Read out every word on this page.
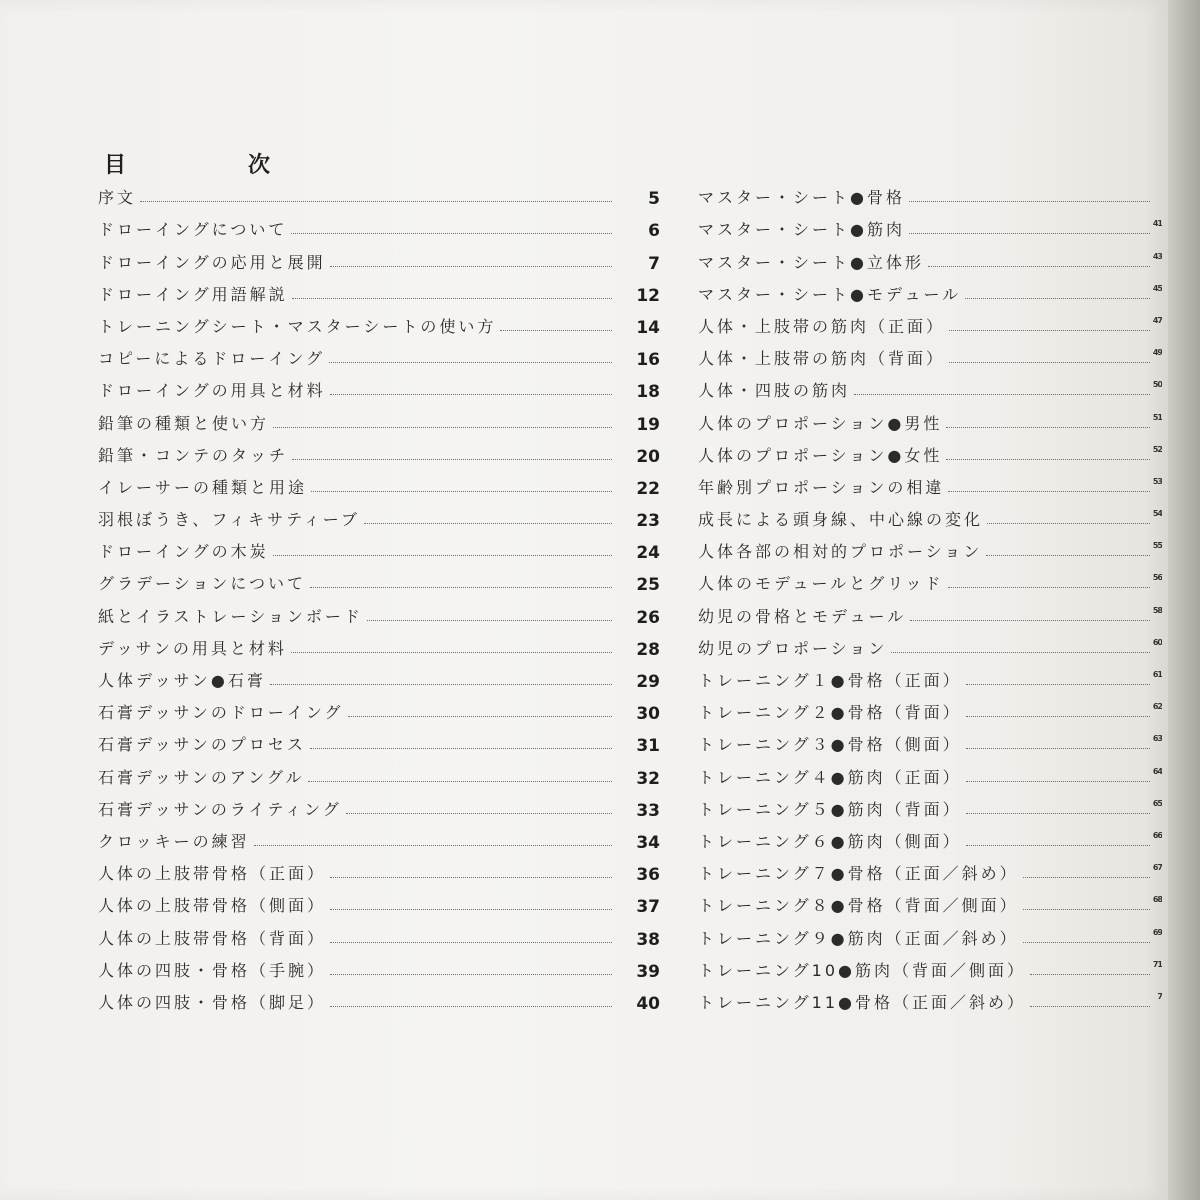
目　次
序文	5
ドローイングについて	6
ドローイングの応用と展開	7
ドローイング用語解説	12
トレーニングシート・マスターシートの使い方	14
コピーによるドローイング	16
ドローイングの用具と材料	18
鉛筆の種類と使い方	19
鉛筆・コンテのタッチ	20
イレーサーの種類と用途	22
羽根ぼうき、フィキサティーブ	23
ドローイングの木炭	24
グラデーションについて	25
紙とイラストレーションボード	26
デッサンの用具と材料	28
人体デッサン●石膏	29
石膏デッサンのドローイング	30
石膏デッサンのプロセス	31
石膏デッサンのアングル	32
石膏デッサンのライティング	33
クロッキーの練習	34
人体の上肢帯骨格（正面）	36
人体の上肢帯骨格（側面）	37
人体の上肢帯骨格（背面）	38
人体の四肢・骨格（手腕）	39
人体の四肢・骨格（脚足）	40
マスター・シート●骨格
マスター・シート●筋肉	41
マスター・シート●立体形	43
マスター・シート●モデュール	45
人体・上肢帯の筋肉（正面）	47
人体・上肢帯の筋肉（背面）	49
人体・四肢の筋肉	50
人体のプロポーション●男性	51
人体のプロポーション●女性	52
年齢別プロポーションの相違	53
成長による頭身線、中心線の変化	54
人体各部の相対的プロポーション	55
人体のモデュールとグリッド	56
幼児の骨格とモデュール	58
幼児のプロポーション	60
トレーニング１●骨格（正面）	61
トレーニング２●骨格（背面）	62
トレーニング３●骨格（側面）	63
トレーニング４●筋肉（正面）	64
トレーニング５●筋肉（背面）	65
トレーニング６●筋肉（側面）	66
トレーニング７●骨格（正面／斜め）	67
トレーニング８●骨格（背面／側面）	68
トレーニング９●筋肉（正面／斜め）	69
トレーニング10●筋肉（背面／側面）	71
トレーニング11●骨格（正面／斜め）	7
